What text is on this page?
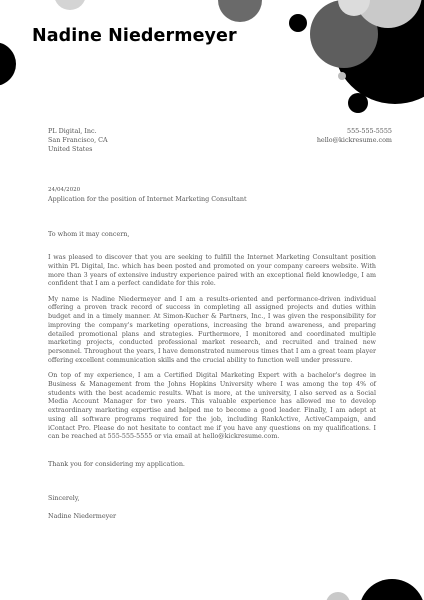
Nadine Niedermeyer
PL Digital, Inc.
San Francisco, CA
United States
555-555-5555
hello@kickresume.com
24/04/2020
Application for the position of Internet Marketing Consultant
To whom it may concern,

I was pleased to discover that you are seeking to fulfill the Internet Marketing Consultant position within PL Digital, Inc. which has been posted and promoted on your company careers website. With more than 3 years of extensive industry experience paired with an exceptional field knowledge, I am confident that I am a perfect candidate for this role.

My name is Nadine Niedermeyer and I am a results-oriented and performance-driven individual offering a proven track record of success in completing all assigned projects and duties within budget and in a timely manner. At Simon-Kucher & Partners, Inc., I was given the responsibility for improving the company's marketing operations, increasing the brand awareness, and preparing detailed promotional plans and strategies. Furthermore, I monitored and coordinated multiple marketing projects, conducted professional market research, and recruited and trained new personnel. Throughout the years, I have demonstrated numerous times that I am a great team player offering excellent communication skills and the crucial ability to function well under pressure.

On top of my experience, I am a Certified Digital Marketing Expert with a bachelor's degree in Business & Management from the Johns Hopkins University where I was among the top 4% of students with the best academic results. What is more, at the university, I also served as a Social Media Account Manager for two years. This valuable experience has allowed me to develop extraordinary marketing expertise and helped me to become a good leader. Finally, I am adept at using all software programs required for the job, including RankActive, ActiveCampaign, and iContact Pro. Please do not hesitate to contact me if you have any questions on my qualifications. I can be reached at 555-555-5555 or via email at hello@kickresume.com.

Thank you for considering my application.
Sincerely,
Nadine Niedermeyer
